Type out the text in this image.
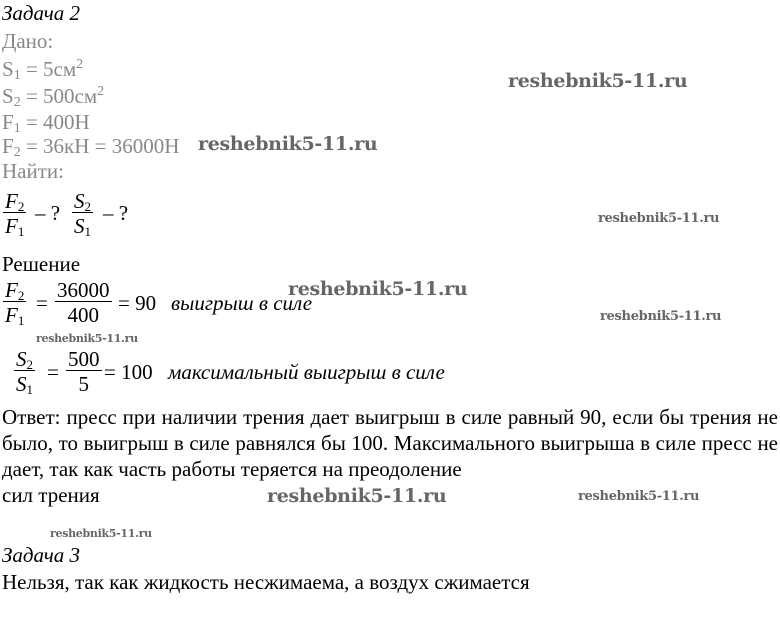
Задача 2
Дано:
$S_1 = 5см^2$
$S_2 = 500см^2$
$F_1 = 400Н$
$F_2 = 36кН = 36000Н$
Найти:
$\frac{F_2}{F_1}$ – ? $\frac{S_2}{S_1}$ – ?
Решение
$\frac{F_2}{F_1} = \frac{36000}{400} = 90$ выигрыш в силе
$\frac{S_2}{S_1} = \frac{500}{5} = 100$ максимальный выигрыш в силе
Ответ: пресс при наличии трения дает выигрыш в силе равный 90, если бы трения не было, то выигрыш в силе равнялся бы 100. Максимального выигрыша в силе пресс не дает, так как часть работы теряется на преодоление
сил трения
Задача 3
Нельзя, так как жидкость несжимаема, а воздух сжимается
reshebnik5-11.ru
reshebnik5-11.ru
reshebnik5-11.ru
reshebnik5-11.ru
reshebnik5-11.ru
reshebnik5-11.ru
reshebnik5-11.ru	reshebnik5-11.ru
reshebnik5-11.ru
